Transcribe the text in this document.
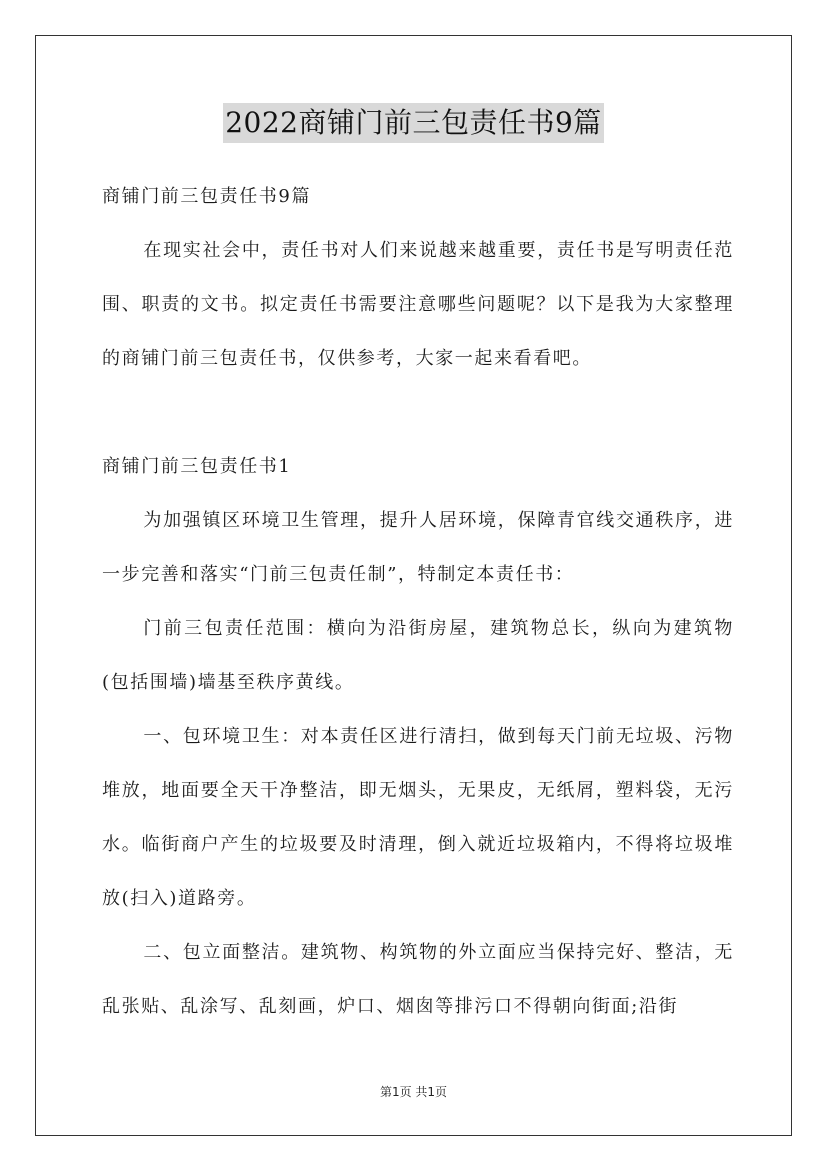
2022商铺门前三包责任书9篇

商铺门前三包责任书9篇

在现实社会中，责任书对人们来说越来越重要，责任书是写明责任范围、职责的文书。拟定责任书需要注意哪些问题呢？以下是我为大家整理的商铺门前三包责任书，仅供参考，大家一起来看看吧。

商铺门前三包责任书1

为加强镇区环境卫生管理，提升人居环境，保障青官线交通秩序，进一步完善和落实“门前三包责任制”，特制定本责任书：

门前三包责任范围：横向为沿街房屋，建筑物总长，纵向为建筑物(包括围墙)墙基至秩序黄线。

一、包环境卫生：对本责任区进行清扫，做到每天门前无垃圾、污物堆放，地面要全天干净整洁，即无烟头，无果皮，无纸屑，塑料袋，无污水。临街商户产生的垃圾要及时清理，倒入就近垃圾箱内，不得将垃圾堆放(扫入)道路旁。

二、包立面整洁。建筑物、构筑物的外立面应当保持完好、整洁，无乱张贴、乱涂写、乱刻画，炉口、烟囱等排污口不得朝向街面;沿街

第1页 共1页
